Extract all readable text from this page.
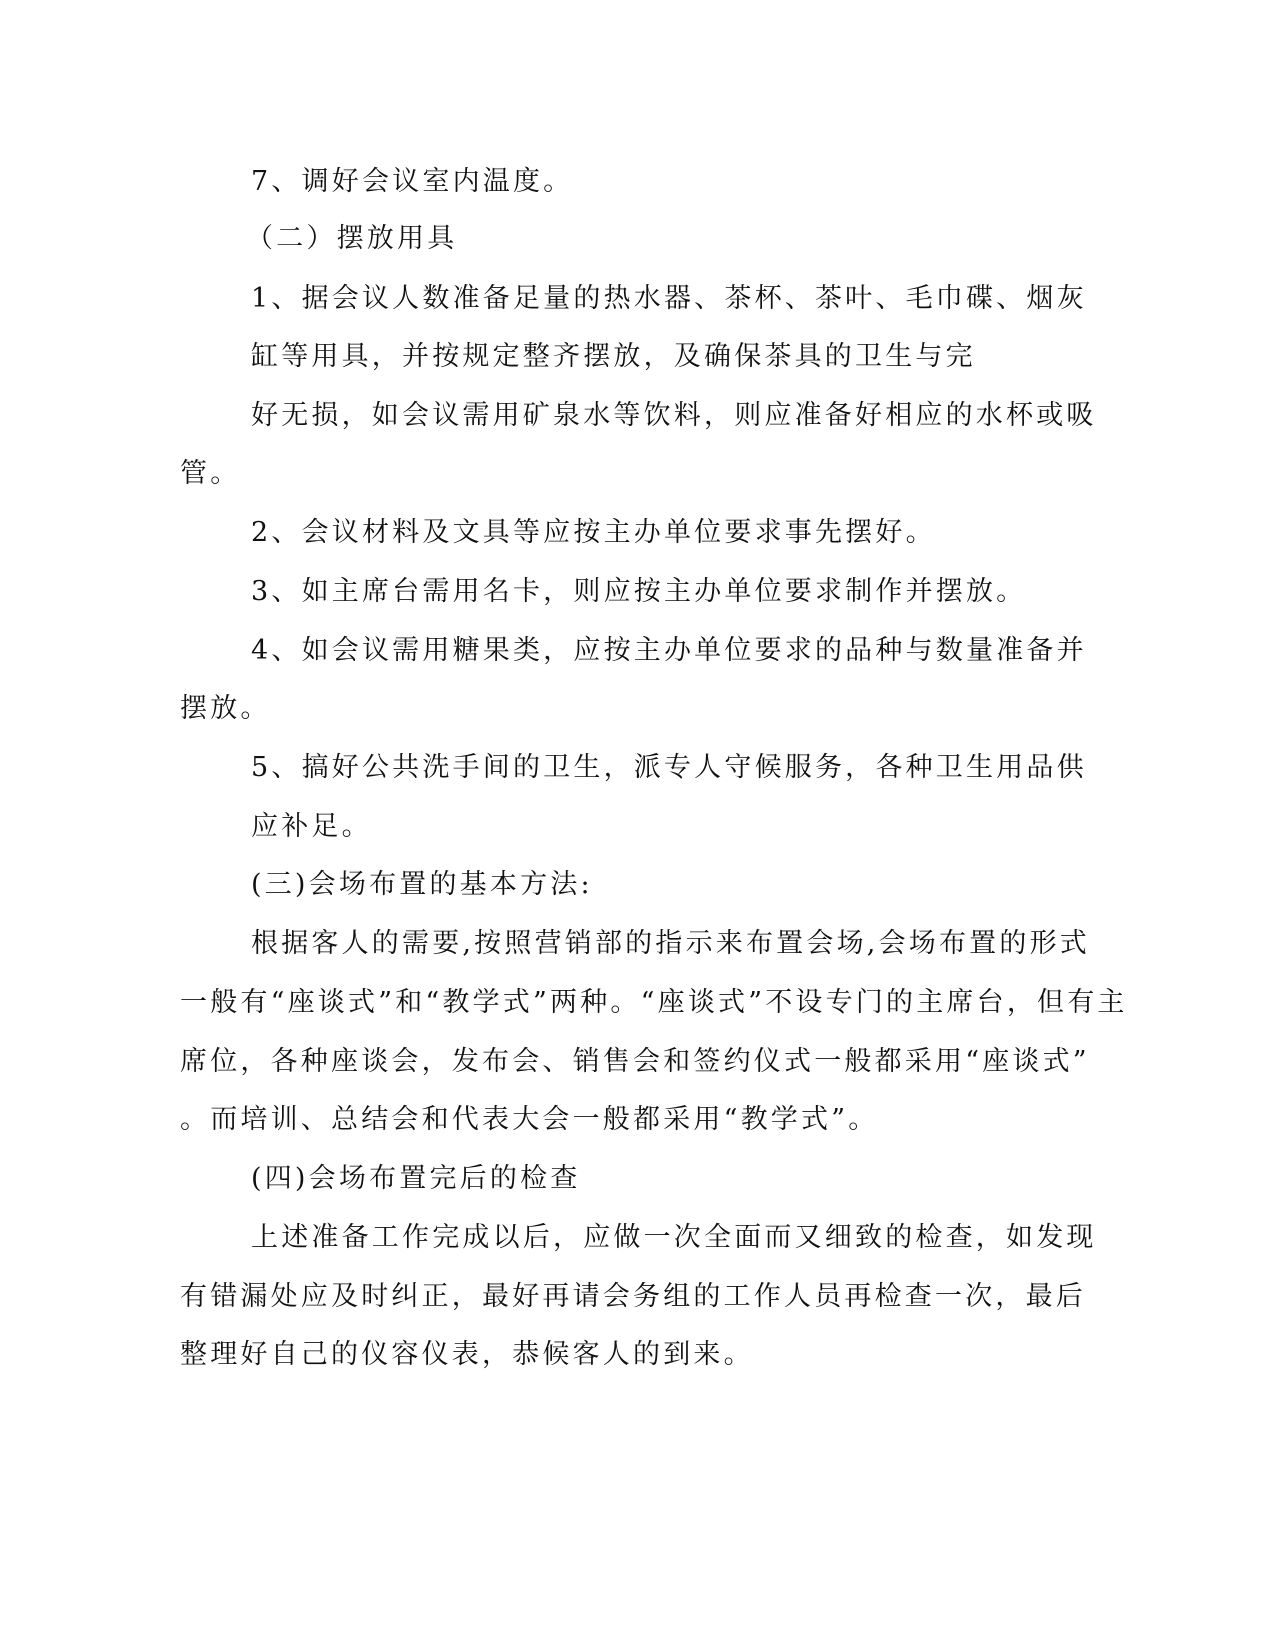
7、调好会议室内温度。
（二）摆放用具
1、据会议人数准备足量的热水器、茶杯、茶叶、毛巾碟、烟灰
缸等用具，并按规定整齐摆放，及确保茶具的卫生与完
好无损，如会议需用矿泉水等饮料，则应准备好相应的水杯或吸
管。
2、会议材料及文具等应按主办单位要求事先摆好。
3、如主席台需用名卡，则应按主办单位要求制作并摆放。
4、如会议需用糖果类，应按主办单位要求的品种与数量准备并
摆放。
5、搞好公共洗手间的卫生，派专人守候服务，各种卫生用品供
应补足。
(三)会场布置的基本方法:
根据客人的需要,按照营销部的指示来布置会场,会场布置的形式
一般有“座谈式”和“教学式”两种。“座谈式”不设专门的主席台，但有主
席位，各种座谈会，发布会、销售会和签约仪式一般都采用“座谈式”
。而培训、总结会和代表大会一般都采用“教学式”。
(四)会场布置完后的检查
上述准备工作完成以后，应做一次全面而又细致的检查，如发现
有错漏处应及时纠正，最好再请会务组的工作人员再检查一次，最后
整理好自己的仪容仪表，恭候客人的到来。
